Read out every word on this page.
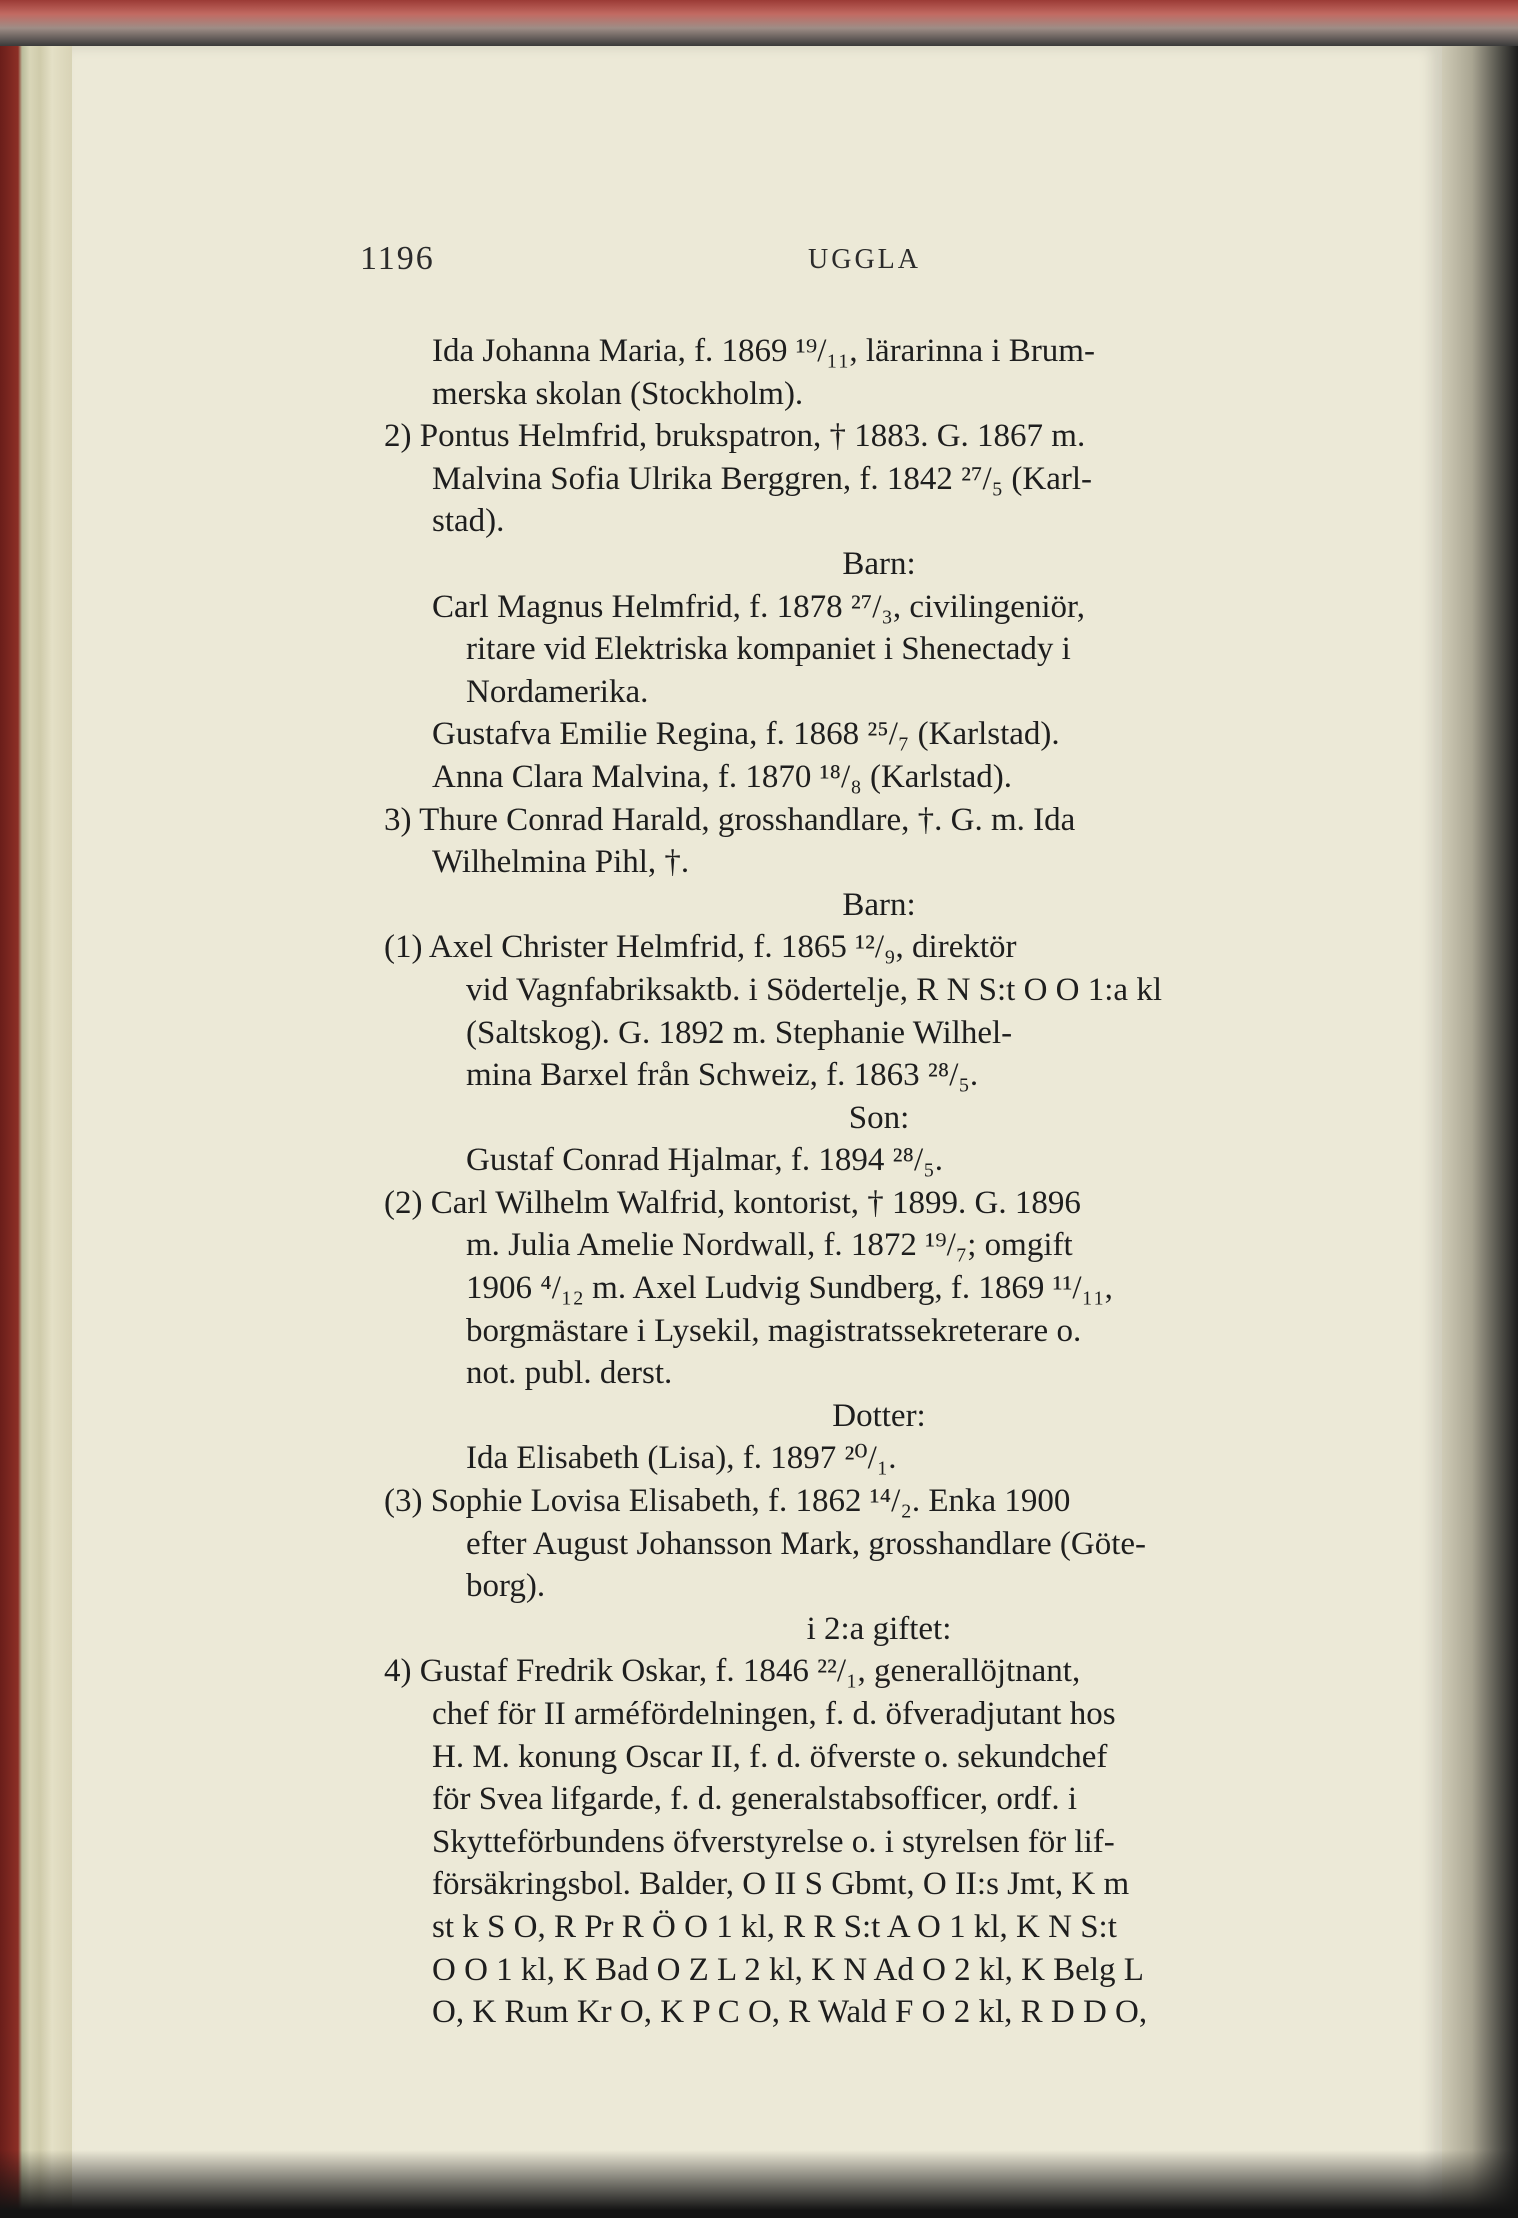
1196	UGGLA
Ida Johanna Maria, f. 1869 ¹⁹/₁₁, lärarinna i Brum-
merska skolan (Stockholm).
2) Pontus Helmfrid, brukspatron, † 1883. G. 1867 m.
Malvina Sofia Ulrika Berggren, f. 1842 ²⁷/₅ (Karl-
stad).
Barn:
Carl Magnus Helmfrid, f. 1878 ²⁷/₃, civilingeniör,
ritare vid Elektriska kompaniet i Shenectady i
Nordamerika.
Gustafva Emilie Regina, f. 1868 ²⁵/₇ (Karlstad).
Anna Clara Malvina, f. 1870 ¹⁸/₈ (Karlstad).
3) Thure Conrad Harald, grosshandlare, †. G. m. Ida
Wilhelmina Pihl, †.
Barn:
(1) Axel Christer Helmfrid, f. 1865 ¹²/₉, direktör
vid Vagnfabriksaktb. i Södertelje, R N S:t O O 1:a kl
(Saltskog). G. 1892 m. Stephanie Wilhel-
mina Barxel från Schweiz, f. 1863 ²⁸/₅.
Son:
Gustaf Conrad Hjalmar, f. 1894 ²⁸/₅.
(2) Carl Wilhelm Walfrid, kontorist, † 1899. G. 1896
m. Julia Amelie Nordwall, f. 1872 ¹⁹/₇; omgift
1906 ⁴/₁₂ m. Axel Ludvig Sundberg, f. 1869 ¹¹/₁₁,
borgmästare i Lysekil, magistratssekreterare o.
not. publ. derst.
Dotter:
Ida Elisabeth (Lisa), f. 1897 ²⁰/₁.
(3) Sophie Lovisa Elisabeth, f. 1862 ¹⁴/₂. Enka 1900
efter August Johansson Mark, grosshandlare (Göte-
borg).
i 2:a giftet:
4) Gustaf Fredrik Oskar, f. 1846 ²²/₁, generallöjtnant,
chef för II arméfördelningen, f. d. öfveradjutant hos
H. M. konung Oscar II, f. d. öfverste o. sekundchef
för Svea lifgarde, f. d. generalstabsofficer, ordf. i
Skytteförbundens öfverstyrelse o. i styrelsen för lif-
försäkringsbol. Balder, O II S Gbmt, O II:s Jmt, K m
st k S O, R Pr R Ö O 1 kl, R R S:t A O 1 kl, K N S:t
O O 1 kl, K Bad O Z L 2 kl, K N Ad O 2 kl, K Belg L
O, K Rum Kr O, K P C O, R Wald F O 2 kl, R D D O,
